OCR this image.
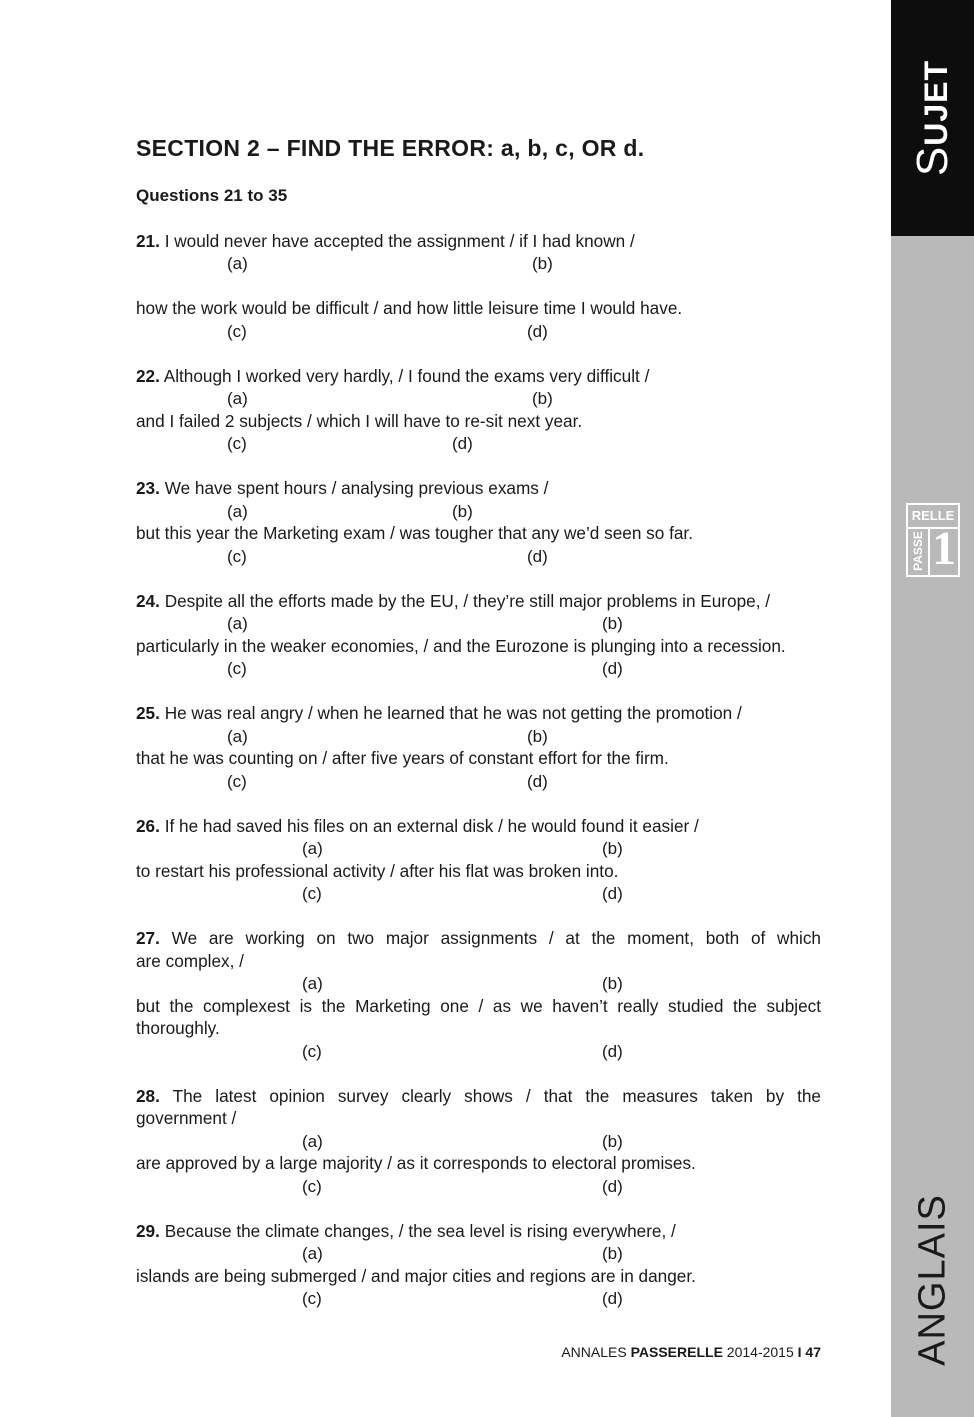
SUJET
RELLE
PASSE 1
ANGLAIS
SECTION 2 – FIND THE ERROR: a, b, c, OR d.
Questions 21 to 35
21. I would never have accepted the assignment / if I had known /
(a)	(b)
how the work would be difficult / and how little leisure time I would have.
(c)	(d)
22. Although I worked very hardly, / I found the exams very difficult /
(a)	(b)
and I failed 2 subjects / which I will have to re-sit next year.
(c)	(d)
23. We have spent hours / analysing previous exams /
(a)	(b)
but this year the Marketing exam / was tougher that any we’d seen so far.
(c)	(d)
24. Despite all the efforts made by the EU, / they’re still major problems in Europe, /
(a)	(b)
particularly in the weaker economies, / and the Eurozone is plunging into a recession.
(c)	(d)
25. He was real angry / when he learned that he was not getting the promotion /
(a)	(b)
that he was counting on / after five years of constant effort for the firm.
(c)	(d)
26. If he had saved his files on an external disk / he would found it easier /
(a)	(b)
to restart his professional activity / after his flat was broken into.
(c)	(d)
27. We are working on two major assignments / at the moment, both of which
are complex, /
(a)	(b)
but the complexest is the Marketing one / as we haven’t really studied the subject
thoroughly.
(c)	(d)
28. The latest opinion survey clearly shows / that the measures taken by the
government /
(a)	(b)
are approved by a large majority / as it corresponds to electoral promises.
(c)	(d)
29. Because the climate changes, / the sea level is rising everywhere, /
(a)	(b)
islands are being submerged / and major cities and regions are in danger.
(c)	(d)
ANNALES PASSERELLE 2014-2015 I 47
